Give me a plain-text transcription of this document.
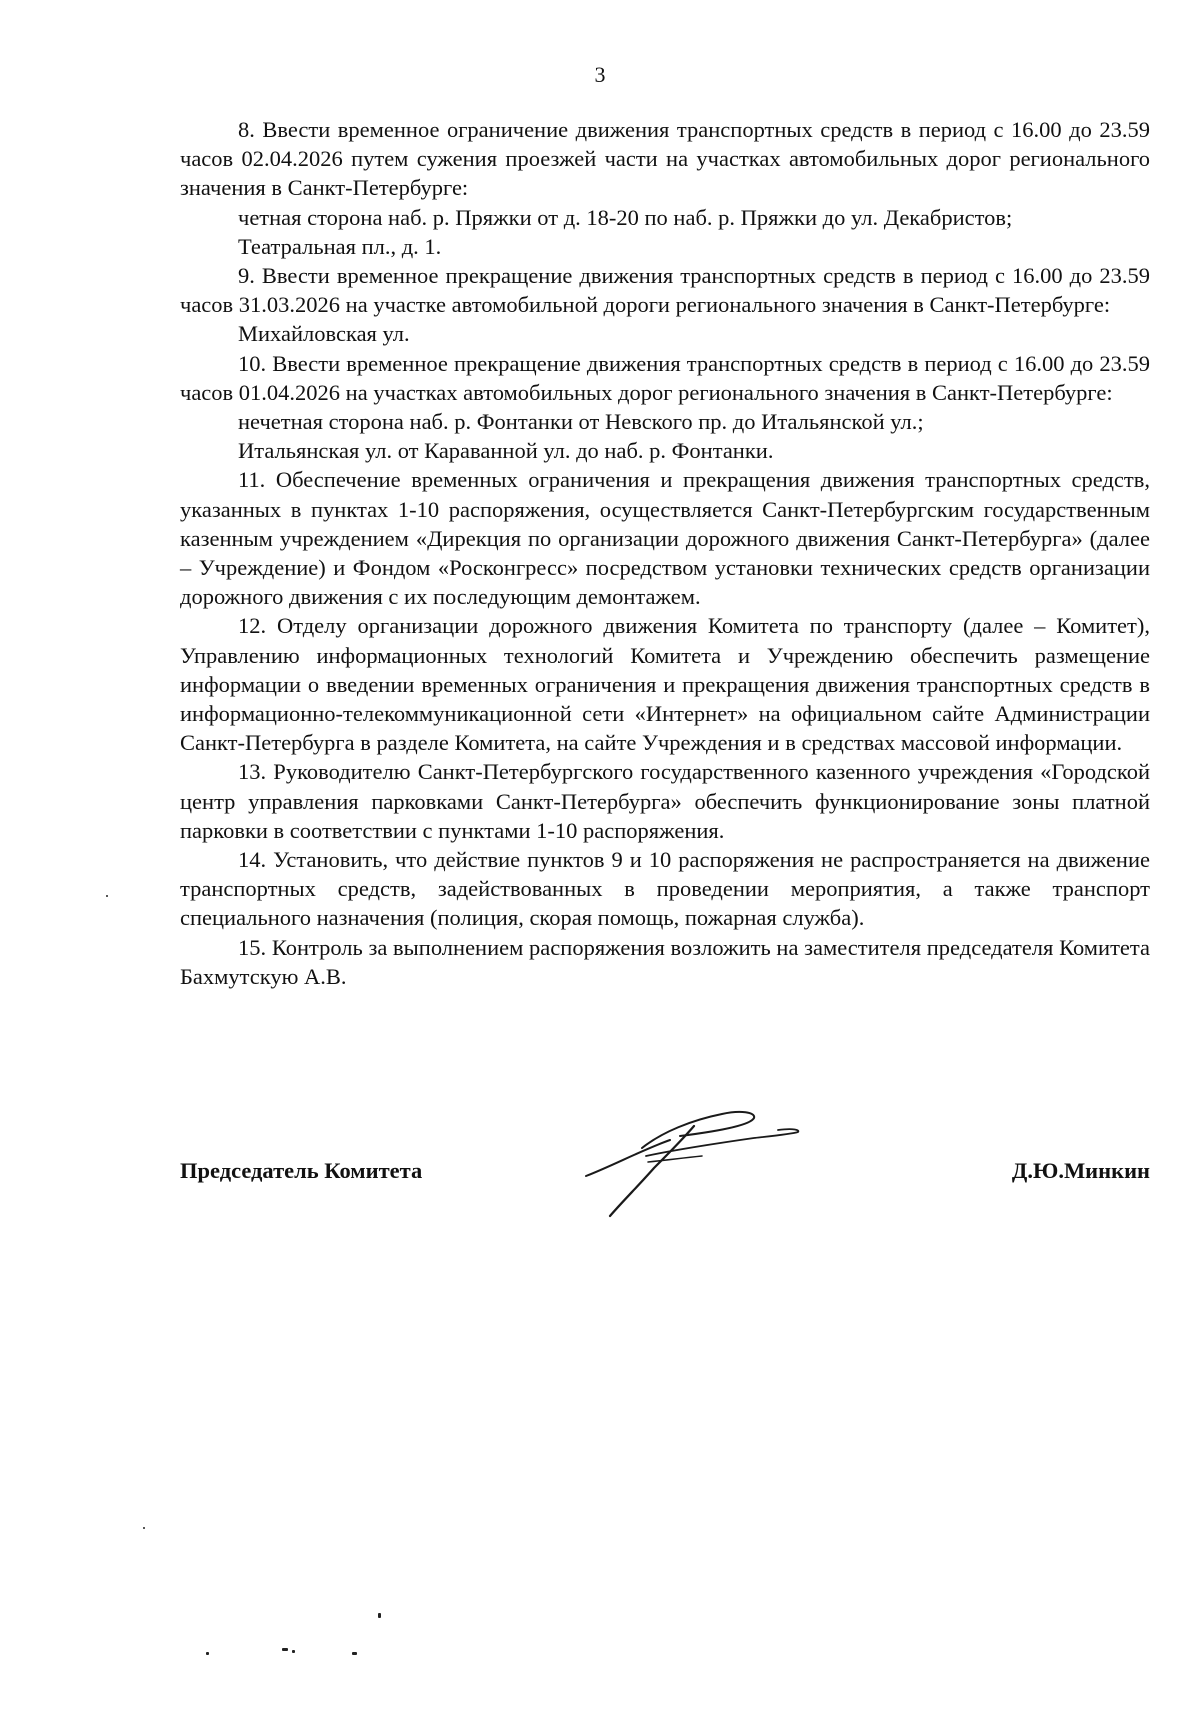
3

8. Ввести временное ограничение движения транспортных средств в период с 16.00 до 23.59 часов 02.04.2026 путем сужения проезжей части на участках автомобильных дорог регионального значения в Санкт-Петербурге:

четная сторона наб. р. Пряжки от д. 18-20 по наб. р. Пряжки до ул. Декабристов;

Театральная пл., д. 1.

9. Ввести временное прекращение движения транспортных средств в период с 16.00 до 23.59 часов 31.03.2026 на участке автомобильной дороги регионального значения в Санкт-Петербурге:

Михайловская ул.

10. Ввести временное прекращение движения транспортных средств в период с 16.00 до 23.59 часов 01.04.2026 на участках автомобильных дорог регионального значения в Санкт-Петербурге:

нечетная сторона наб. р. Фонтанки от Невского пр. до Итальянской ул.;

Итальянская ул. от Караванной ул. до наб. р. Фонтанки.

11. Обеспечение временных ограничения и прекращения движения транспортных средств, указанных в пунктах 1-10 распоряжения, осуществляется Санкт-Петербургским государственным казенным учреждением «Дирекция по организации дорожного движения Санкт-Петербурга» (далее – Учреждение) и Фондом «Росконгресс» посредством установки технических средств организации дорожного движения с их последующим демонтажем.

12. Отделу организации дорожного движения Комитета по транспорту (далее – Комитет), Управлению информационных технологий Комитета и Учреждению обеспечить размещение информации о введении временных ограничения и прекращения движения транспортных средств в информационно-телекоммуникационной сети «Интернет» на официальном сайте Администрации Санкт-Петербурга в разделе Комитета, на сайте Учреждения и в средствах массовой информации.

13. Руководителю Санкт-Петербургского государственного казенного учреждения «Городской центр управления парковками Санкт-Петербурга» обеспечить функционирование зоны платной парковки в соответствии с пунктами 1-10 распоряжения.

14. Установить, что действие пунктов 9 и 10 распоряжения не распространяется на движение транспортных средств, задействованных в проведении мероприятия, а также транспорт специального назначения (полиция, скорая помощь, пожарная служба).

15. Контроль за выполнением распоряжения возложить на заместителя председателя Комитета Бахмутскую А.В.

Председатель Комитета	Д.Ю.Минкин
